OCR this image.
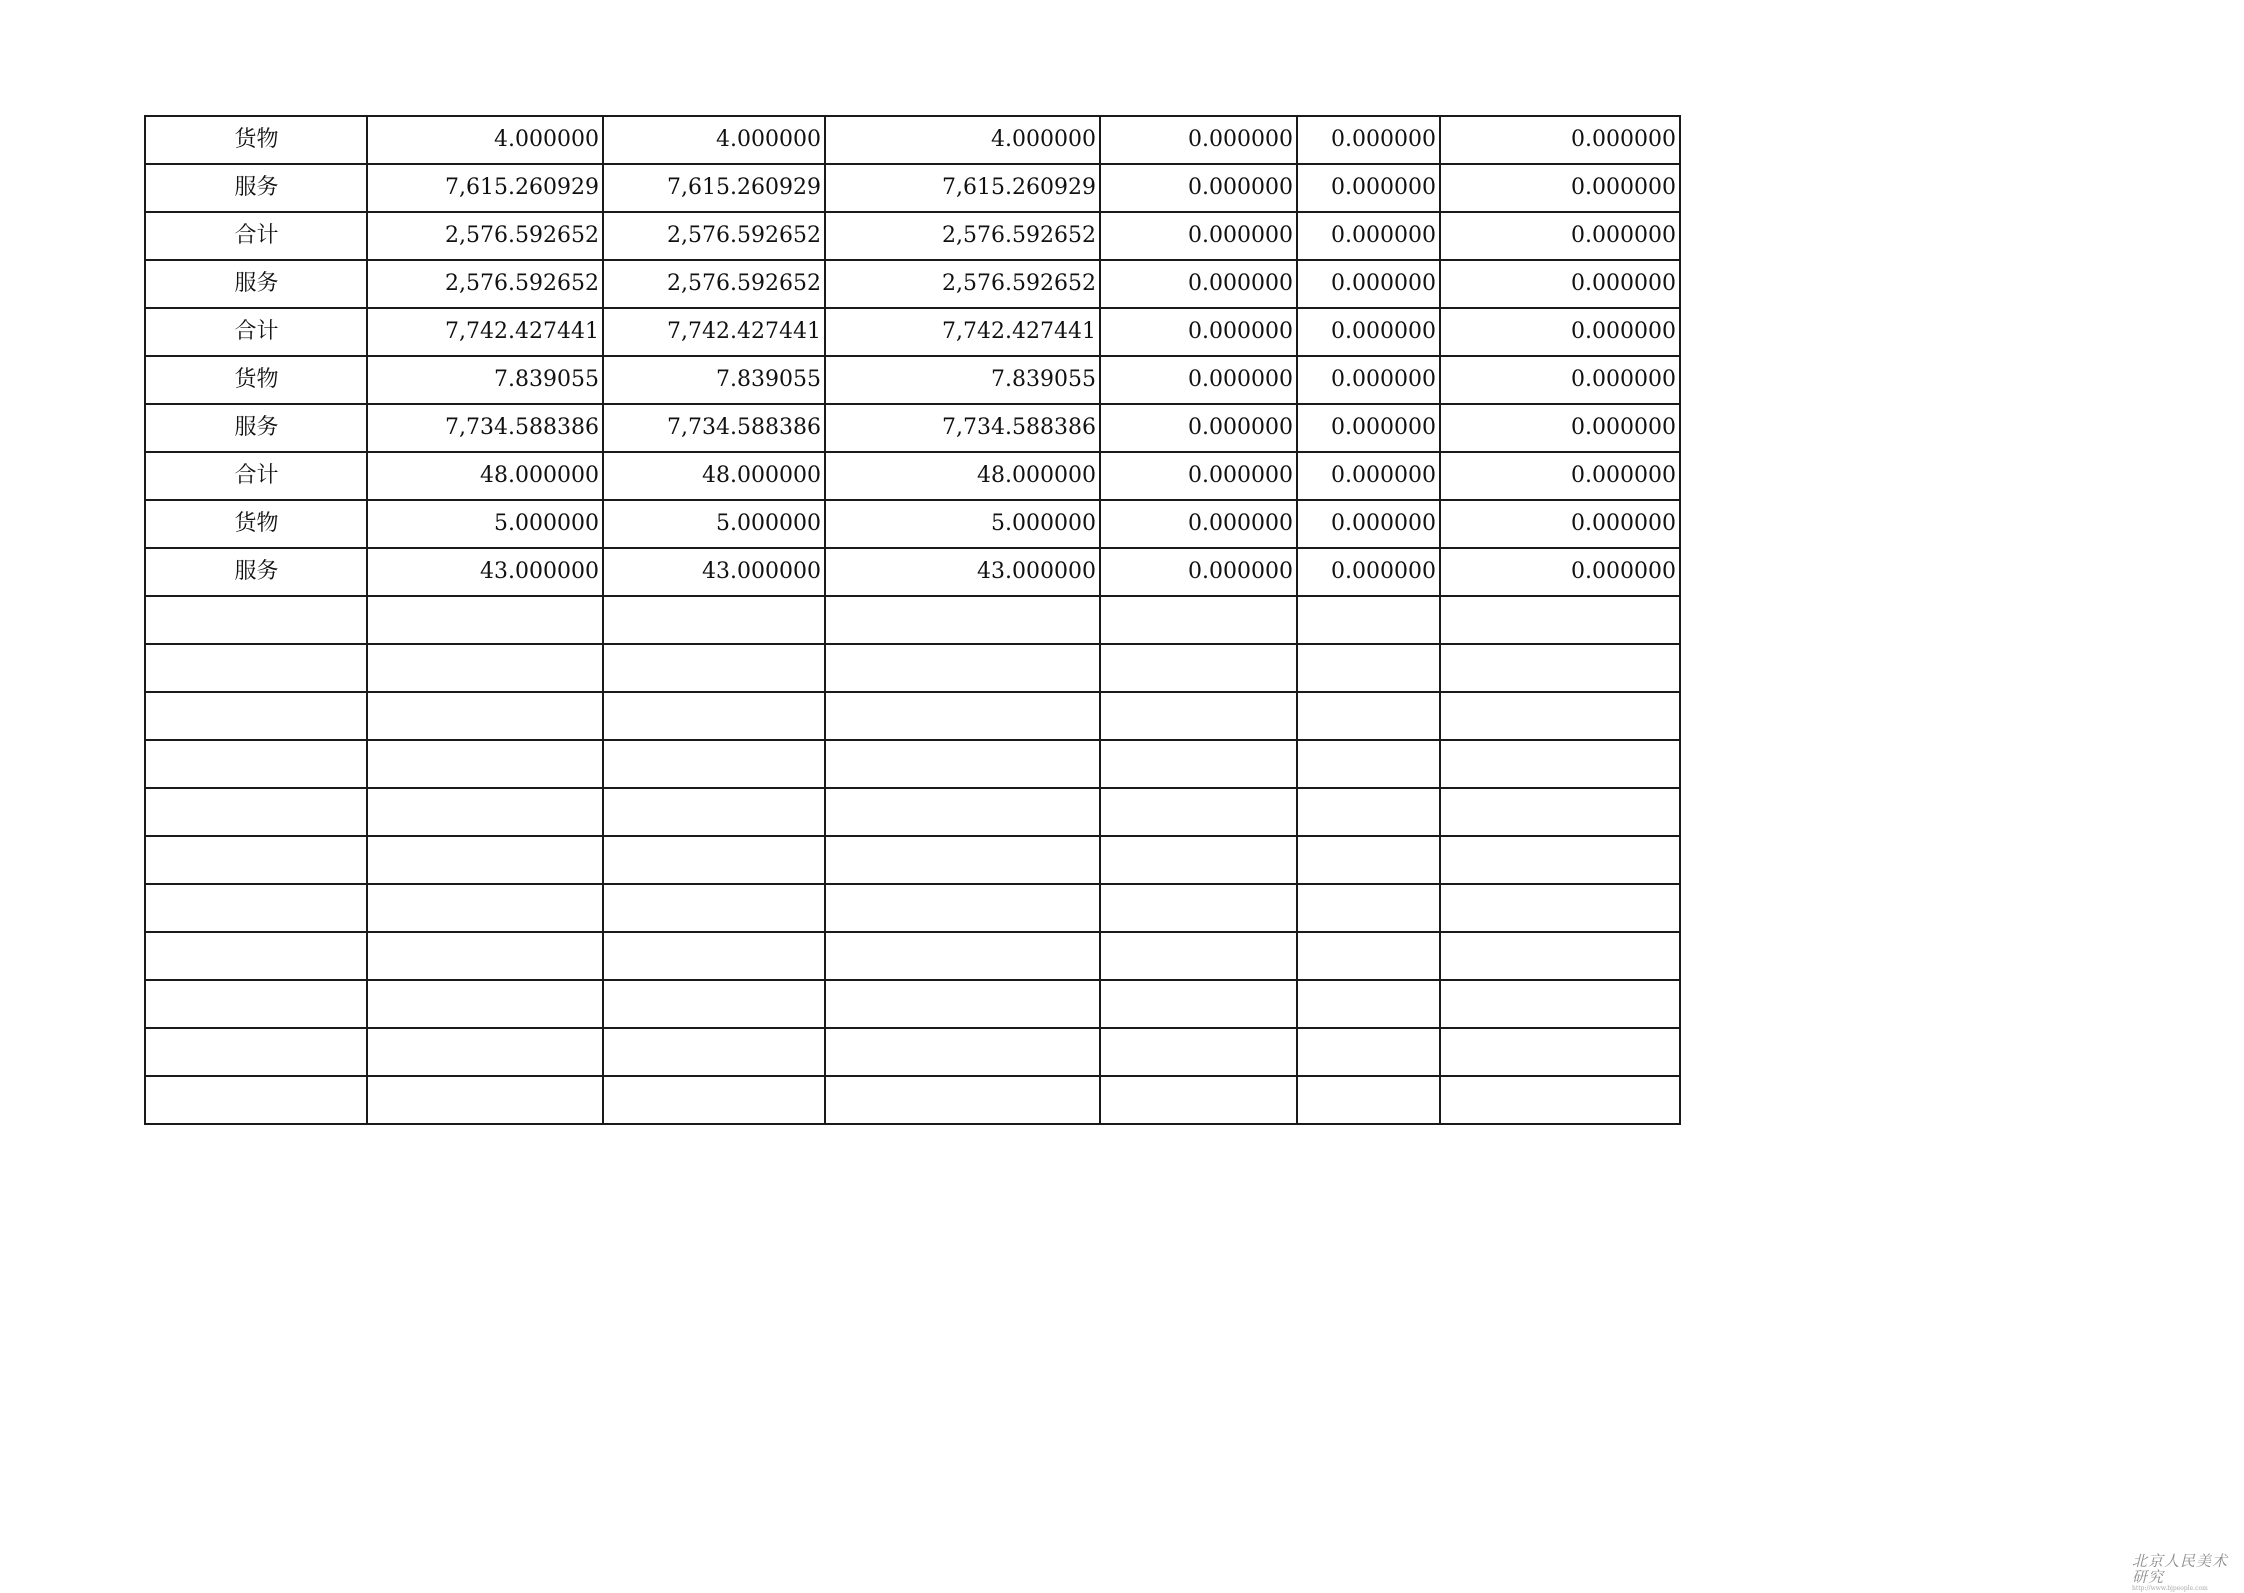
货物	4.000000	4.000000	4.000000	0.000000	0.000000	0.000000
服务	7,615.260929	7,615.260929	7,615.260929	0.000000	0.000000	0.000000
合计	2,576.592652	2,576.592652	2,576.592652	0.000000	0.000000	0.000000
服务	2,576.592652	2,576.592652	2,576.592652	0.000000	0.000000	0.000000
合计	7,742.427441	7,742.427441	7,742.427441	0.000000	0.000000	0.000000
货物	7.839055	7.839055	7.839055	0.000000	0.000000	0.000000
服务	7,734.588386	7,734.588386	7,734.588386	0.000000	0.000000	0.000000
合计	48.000000	48.000000	48.000000	0.000000	0.000000	0.000000
货物	5.000000	5.000000	5.000000	0.000000	0.000000	0.000000
服务	43.000000	43.000000	43.000000	0.000000	0.000000	0.000000

北京人民美术研究
http://www.bjpeople.com
